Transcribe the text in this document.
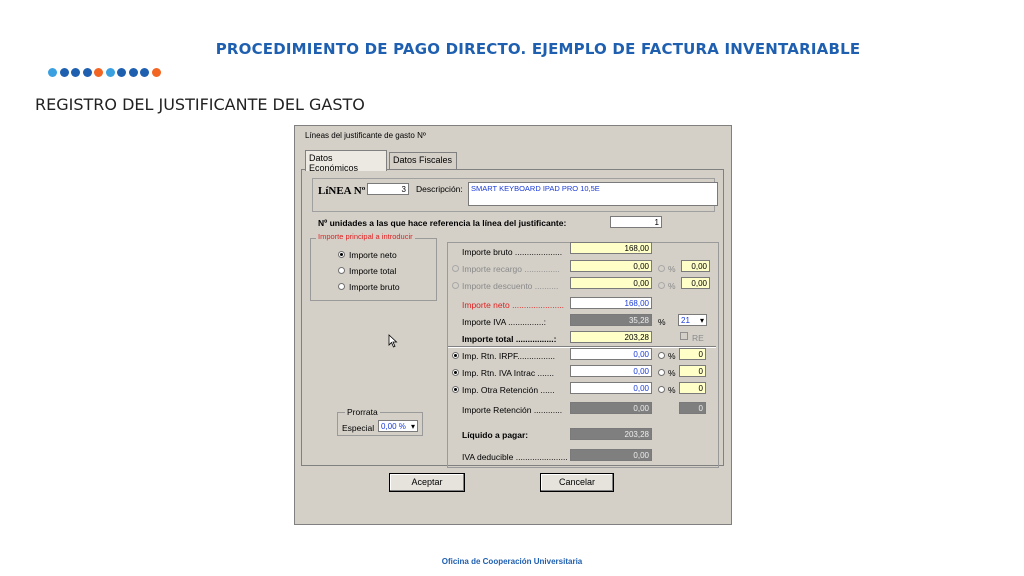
PROCEDIMIENTO DE PAGO DIRECTO. EJEMPLO DE FACTURA INVENTARIABLE
REGISTRO DEL JUSTIFICANTE DEL GASTO
Líneas del justificante de gasto Nº
Datos Económicos
Datos Fiscales
LíNEA Nº	3	Descripción:	SMART KEYBOARD IPAD PRO 10,5E
Nº unidades a las que hace referencia la línea del justificante:	1
Importe principal a introducir
Importe neto
Importe total
Importe bruto
Importe bruto ....................	168,00
Importe recargo ...............	0,00	%	0,00
Importe descuento ..........	0,00	%	0,00
Importe neto ......................	168,00
Importe IVA ...............:	35,28	%	21 ▾
Importe total ................:	203,28	RE
Imp. Rtn. IRPF................	0,00	%	0
Imp. Rtn. IVA Intrac .......	0,00	%	0
Imp. Otra Retención ......	0,00	%	0
Importe Retención ............	0,00	0
Líquido a pagar:	203,28
IVA deducible ......................	0,00
Prorrata
Especial 0,00 % ▾
Aceptar	Cancelar
Oficina de Cooperación Universitaria
